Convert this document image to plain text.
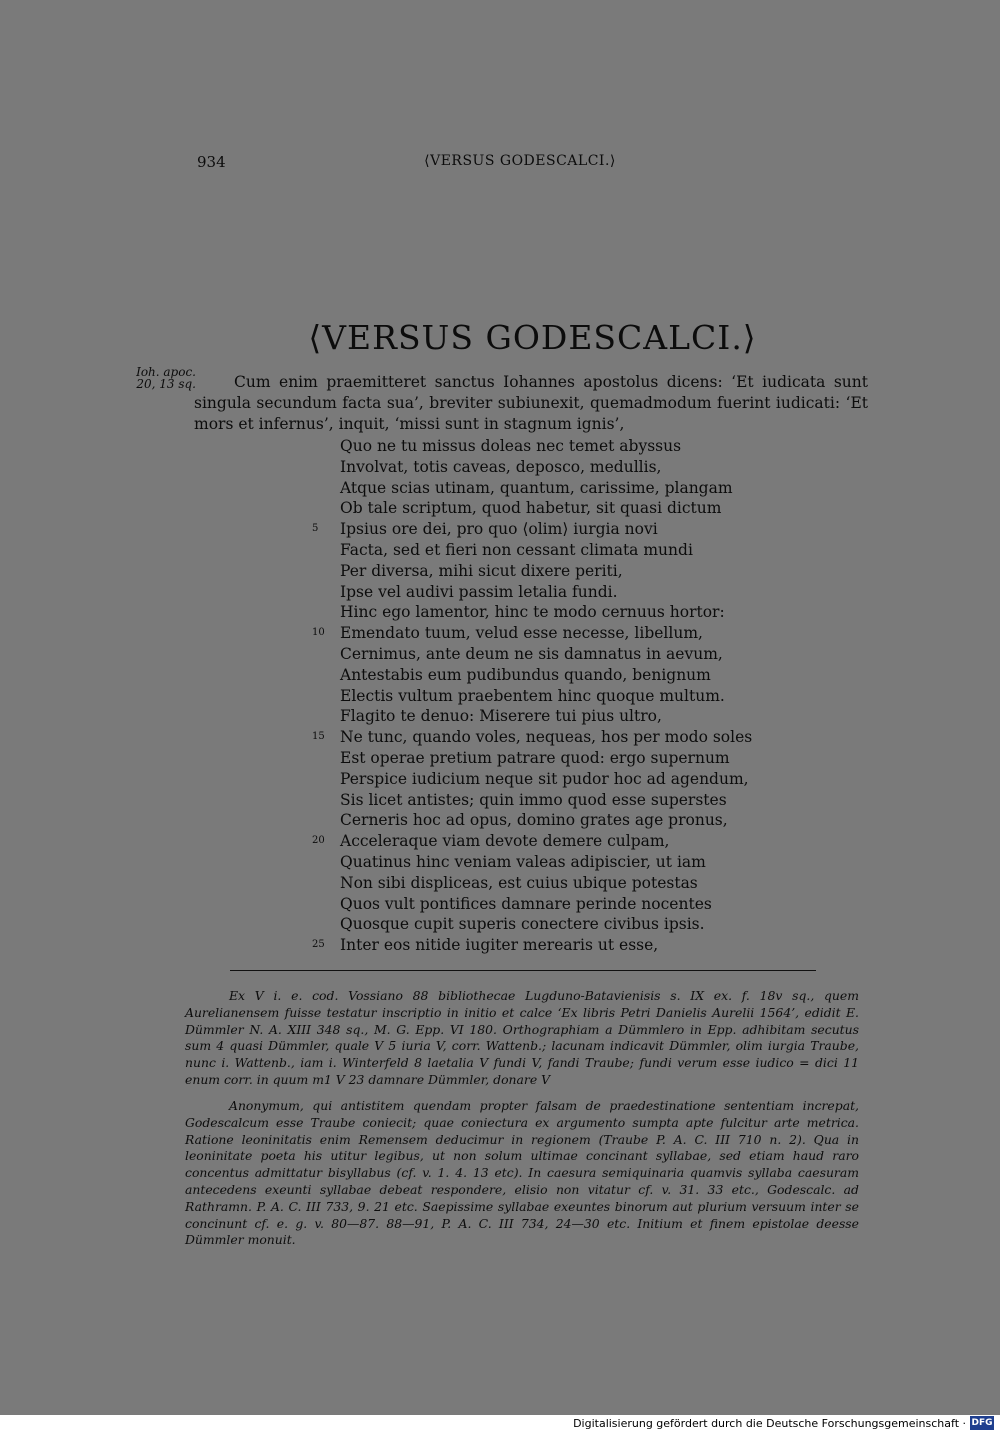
934	⟨VERSUS GODESCALCI.⟩
⟨VERSUS GODESCALCI.⟩
Ioh. apoc. 20, 13 sq.	Cum enim praemitteret sanctus Iohannes apostolus dicens: ‘Et iudicata sunt singula secundum facta sua’, breviter subiunexit, quemadmodum fuerint iudicati: ‘Et mors et infernus’, inquit, ‘missi sunt in stagnum ignis’,

Quo ne tu missus doleas nec temet abyssus
Involvat, totis caveas, deposco, medullis,
Atque scias utinam, quantum, carissime, plangam
Ob tale scriptum, quod habetur, sit quasi dictum
5	Ipsius ore dei, pro quo ⟨olim⟩ iurgia novi
Facta, sed et fieri non cessant climata mundi
Per diversa, mihi sicut dixere periti,
Ipse vel audivi passim letalia fundi.
Hinc ego lamentor, hinc te modo cernuus hortor:
10 Emendato tuum, velud esse necesse, libellum,
Cernimus, ante deum ne sis damnatus in aevum,
Antestabis eum pudibundus quando, benignum
Electis vultum praebentem hinc quoque multum.
Flagito te denuo: Miserere tui pius ultro,
15 Ne tunc, quando voles, nequeas, hos per modo soles
Est operae pretium patrare quod: ergo supernum
Perspice iudicium neque sit pudor hoc ad agendum,
Sis licet antistes; quin immo quod esse superstes
Cerneris hoc ad opus, domino grates age pronus,
20 Acceleraque viam devote demere culpam,
Quatinus hinc veniam valeas adipiscier, ut iam
Non sibi displiceas, est cuius ubique potestas
Quos vult pontifices damnare perinde nocentes
Quosque cupit superis conectere civibus ipsis.
25 Inter eos nitide iugiter merearis ut esse,

Ex V i. e. cod. Vossiano 88 bibliothecae Lugduno-Batavienisis s. IX ex. f. 18v sq., quem Aurelianensem fuisse testatur inscriptio in initio et calce ‘Ex libris Petri Danielis Aurelii 1564’, edidit E. Dümmler N. A. XIII 348 sq., M. G. Epp. VI 180. Orthographiam a Dümmlero in Epp. adhibitam secutus sum 4 quasi Dümmler, quale V 5 iuria V, corr. Wattenb.; lacunam indicavit Dümmler, olim iurgia Traube, nunc i. Wattenb., iam i. Winterfeld 8 laetalia V fundi V, fandi Traube; fundi verum esse iudico = dici 11 enum corr. in quum m1 V 23 damnare Dümmler, donare V

Anonymum, qui antistitem quendam propter falsam de praedestinatione sententiam increpat, Godescalcum esse Traube coniecit; quae coniectura ex argumento sumpta apte fulcitur arte metrica. Ratione leoninitatis enim Remensem deducimur in regionem (Traube P. A. C. III 710 n. 2). Qua in leoninitate poeta his utitur legibus, ut non solum ultimae concinant syllabae, sed etiam haud raro concentus admittatur bisyllabus (cf. v. 1. 4. 13 etc). In caesura semiquinaria quamvis syllaba caesuram antecedens exeunti syllabae debeat respondere, elisio non vitatur cf. v. 31. 33 etc., Godescalc. ad Rathramn. P. A. C. III 733, 9. 21 etc. Saepissime syllabae exeuntes binorum aut plurium versuum inter se concinunt cf. e. g. v. 80—87. 88—91, P. A. C. III 734, 24—30 etc. Initium et finem epistolae deesse Dümmler monuit.

Digitalisierung gefördert durch die Deutsche Forschungsgemeinschaft · DFG
